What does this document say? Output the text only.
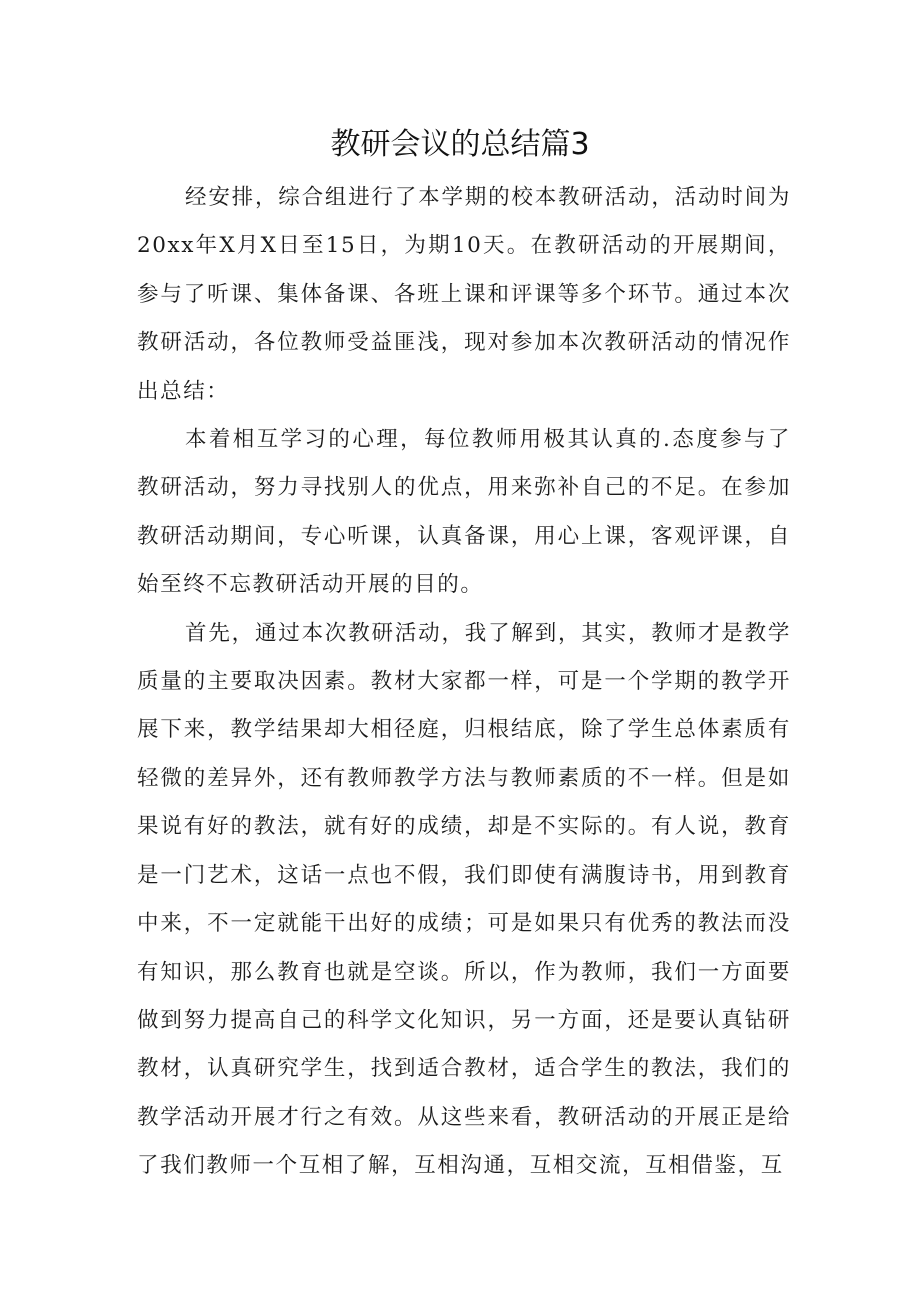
教研会议的总结篇3

经安排，综合组进行了本学期的校本教研活动，活动时间为20xx年X月X日至15日，为期10天。在教研活动的开展期间，参与了听课、集体备课、各班上课和评课等多个环节。通过本次教研活动，各位教师受益匪浅，现对参加本次教研活动的情况作出总结：

本着相互学习的心理，每位教师用极其认真的.态度参与了教研活动，努力寻找别人的优点，用来弥补自己的不足。在参加教研活动期间，专心听课，认真备课，用心上课，客观评课，自始至终不忘教研活动开展的目的。

首先，通过本次教研活动，我了解到，其实，教师才是教学质量的主要取决因素。教材大家都一样，可是一个学期的教学开展下来，教学结果却大相径庭，归根结底，除了学生总体素质有轻微的差异外，还有教师教学方法与教师素质的不一样。但是如果说有好的教法，就有好的成绩，却是不实际的。有人说，教育是一门艺术，这话一点也不假，我们即使有满腹诗书，用到教育中来，不一定就能干出好的成绩；可是如果只有优秀的教法而没有知识，那么教育也就是空谈。所以，作为教师，我们一方面要做到努力提高自己的科学文化知识，另一方面，还是要认真钻研教材，认真研究学生，找到适合教材，适合学生的教法，我们的教学活动开展才行之有效。从这些来看，教研活动的开展正是给了我们教师一个互相了解，互相沟通，互相交流，互相借鉴，互
